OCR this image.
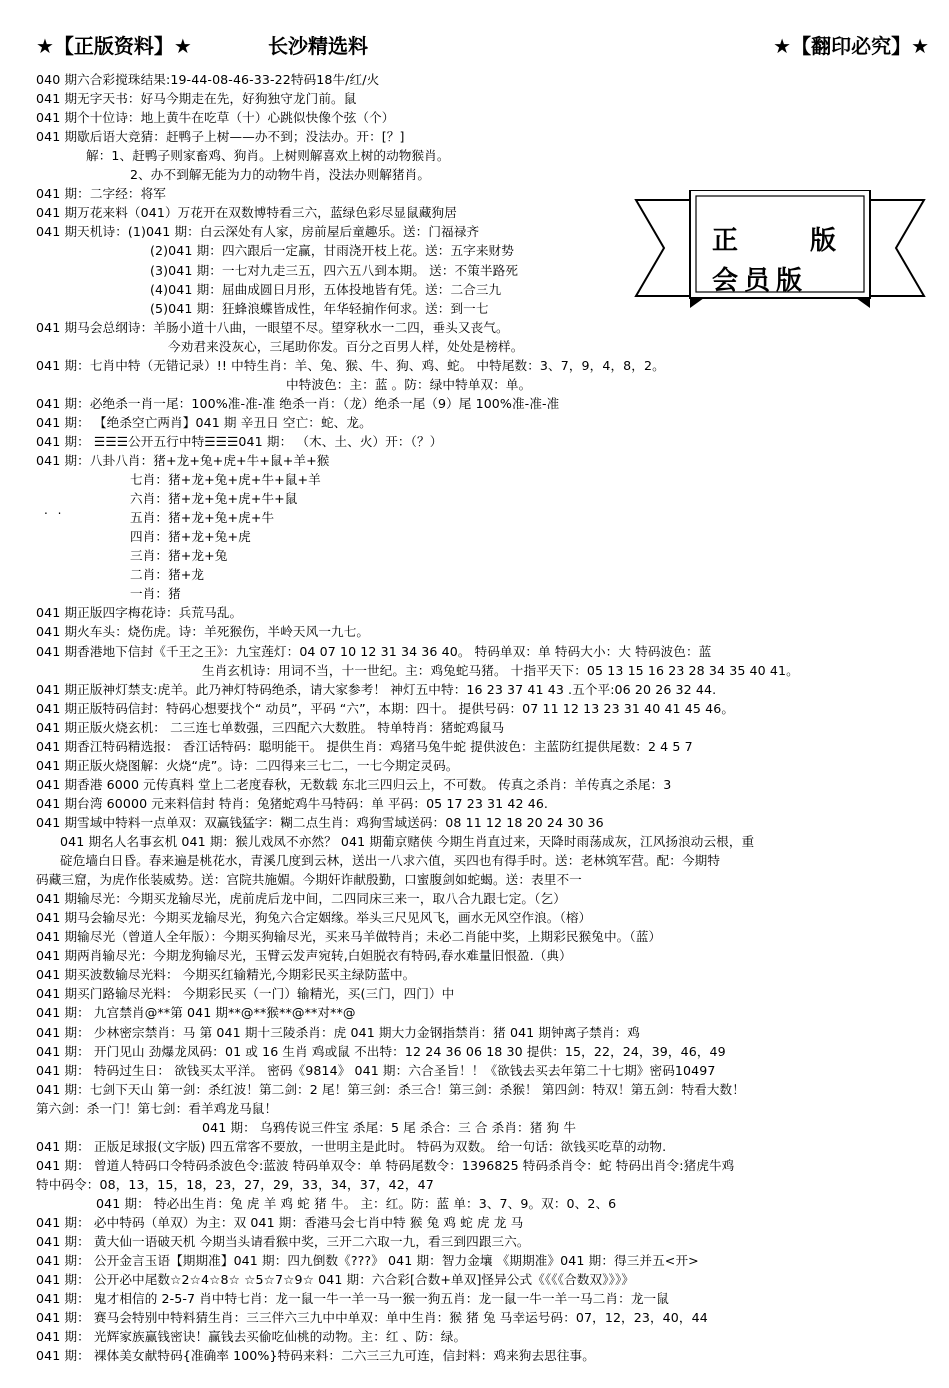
★【正版资料】★	长沙精选料	★【翻印必究】★
040 期六合彩搅珠结果:19-44-08-46-33-22特码18牛/红/火
041 期无字天书：好马今期走在先，好狗独守龙门前。鼠
041 期个十位诗：地上黄牛在吃草（十）心跳似快像个弦（个）
041 期歇后语大竞猜：赶鸭子上树——办不到；没法办。开：[？]
解：1、赶鸭子则家畜鸡、狗肖。上树则解喜欢上树的动物猴肖。
2、办不到解无能为力的动物牛肖，没法办则解猪肖。
041 期：二字经：将军
041 期万花来料（041）万花开在双数博特看三六，蓝绿色彩尽显鼠藏狗居
041 期天机诗：(1)041 期：白云深处有人家，房前屋后童趣乐。送：门福禄齐
(2)041 期：四六跟后一定赢，甘雨浇开枝上花。送：五字来财势
(3)041 期：一七对九走三五，四六五八到本期。 送：不策半路死
(4)041 期：屈曲成圆日月形，五体投地皆有凭。送：二合三九
(5)041 期：狂蜂浪蝶皆成性，年华轻掮作何求。送：到一七
041 期马会总纲诗：羊肠小道十八曲，一眼望不尽。望穿秋水一二四，垂头又丧气。
今劝君来没灰心，三尾助你发。百分之百男人样，处处是榜样。
041 期：七肖中特（无错记录）!! 中特生肖：羊、兔、猴、牛、狗、鸡、蛇。 中特尾数：3、7，9，4，8，2。
中特波色：主：蓝 。防：绿中特单双：单。
041 期：必绝杀一肖一尾：100%准-准-准 绝杀一肖：（龙）绝杀一尾（9）尾 100%准-准-准
041 期： 【绝杀空亡两肖】041 期 辛丑日 空亡：蛇、龙。
041 期： ☰☰☰公开五行中特☰☰☰041 期： （木、土、火）开：（？）
041 期：八卦八肖：猪+龙+兔+虎+牛+鼠+羊+猴
七肖：猪+龙+兔+虎+牛+鼠+羊
六肖：猪+龙+兔+虎+牛+鼠
五肖：猪+龙+兔+虎+牛
四肖：猪+龙+兔+虎
三肖：猪+龙+兔
二肖：猪+龙
一肖：猪
041 期正版四字梅花诗：兵荒马乱。
041 期火车头：烧伤虎。诗：羊死猴伤，半岭天风一九七。
041 期香港地下信封《千王之王》：九宝莲灯：04 07 10 12 31 34 36 40。 特码单双：单 特码大小：大 特码波色：蓝
生肖玄机诗：用词不当，十一世纪。主：鸡兔蛇马猪。 十指平天下：05 13 15 16 23 28 34 35 40 41。
041 期正版神灯禁支:虎羊。此乃神灯特码绝杀，请大家参考！ 神灯五中特：16 23 37 41 43 .五个平:06 20 26 32 44.
041 期正版特码信封：特码心想要找个“ 动员”，平码 “六”，本期：四十。 提供号码：07 11 12 13 23 31 40 41 45 46。
041 期正版火烧玄机： 二三连七单数强，三四配六大数胜。 特单特肖：猪蛇鸡鼠马
041 期香江特码精选报： 香江话特码：聪明能干。 提供生肖：鸡猪马兔牛蛇 提供波色：主蓝防红提供尾数：2 4 5 7
041 期正版火烧图解：火烧“虎”。诗：二四得来三七二，一七今期定灵码。
041 期香港 6000 元传真料 堂上二老度春秋，无数载 东北三四归云上，不可数。 传真之杀肖：羊传真之杀尾：3
041 期台湾 60000 元来料信封 特肖：兔猪蛇鸡牛马特码：单 平码：05 17 23 31 42 46.
041 期雪域中特料一点单双：双赢钱猛字：糊二点生肖：鸡狗雪域送码：08 11 12 18 20 24 30 36
041 期名人名事玄机 041 期：猴儿戏凤不亦然？ 041 期葡京赌侠 今期生肖直过来，天降时雨荡成灰，江风扬浪动云根，重
碇危墙白日昏。春来遍是桃花水，青溪几度到云林，送出一八求六值，买四也有得手时。送：老林筑军营。配：今期特
码藏三窟，为虎作伥装威势。送：宫院共施媚。今期奸诈献殷勤，口蜜腹剑如蛇蝎。送：表里不一
041 期输尽光：今期买龙输尽光，虎前虎后龙中间，二四同床三来一，取八合九跟七定。（乞）
041 期马会输尽光：今期买龙输尽光，狗兔六合定姻缘。举头三尺见风飞，画水无风空作浪。（榕）
041 期输尽光（曾道人全年版）：今期买狗输尽光，买来马羊做特肖；未必二肖能中奖，上期彩民猴兔中。（蓝）
041 期两肖输尽光：今期龙狗输尽光，玉臂云发声宛转,白妲脱衣有特码,春水难量旧恨盈.（典）
041 期买波数输尽光料： 今期买红输精光,今期彩民买主绿防蓝中。
041 期买门路输尽光料： 今期彩民买（一门）输精光，买(三门，四门）中
041 期： 九宫禁肖@**第 041 期**@**猴**@**对**@
041 期： 少林密宗禁肖：马 第 041 期十三陵杀肖：虎 041 期大力金钢指禁肖：猪 041 期钟离子禁肖：鸡
041 期： 开门见山 劲爆龙凤码：01 或 16 生肖 鸡或鼠 不出特：12 24 36 06 18 30 提供：15，22，24，39，46，49
041 期： 特码过生日： 欲钱买太平洋。 密码《9814》 041 期：六合圣旨！！《欲钱去买去年第二十七期》密码10497
041 期：七剑下天山 第一剑：杀红波！第二剑：2 尾！第三剑：杀三合！第三剑：杀猴！ 第四剑：特双！第五剑：特看大数！
第六剑：杀一门！第七剑：看羊鸡龙马鼠！
041 期： 乌鸦传说三件宝 杀尾：5 尾 杀合：三 合 杀肖：猪 狗 牛
041 期： 正版足球报(文字版) 四五常客不要放，一世明主是此时。 特码为双数。 给一句话：欲钱买吃草的动物.
041 期： 曾道人特码口令特码杀波色令:蓝波 特码单双令：单 特码尾数令：1396825 特码杀肖令：蛇 特码出肖令:猪虎牛鸡
特中码令：08，13，15，18，23，27，29，33，34，37，42，47
041 期： 特必出生肖：兔 虎 羊 鸡 蛇 猪 牛。 主：红。防：蓝 单：3、7、9。双：0、2、6
041 期： 必中特码（单双）为主：双 041 期：香港马会七肖中特 猴 兔 鸡 蛇 虎 龙 马
041 期： 黄大仙一语破天机 今期当头请看猴中奖，三开二六取一九，看三到四跟三六。
041 期： 公开金言玉语【期期准】041 期：四九倒数《???》 041 期：智力金壤 《期期准》041 期：得三并五<开>
041 期： 公开必中尾数☆2☆4☆8☆ ☆5☆7☆9☆ 041 期：六合彩[合数+单双]怪异公式《《《《合数双》》》》
041 期： 鬼才相信的 2-5-7 肖中特七肖：龙一鼠一牛一羊一马一猴一狗五肖：龙一鼠一牛一羊一马二肖：龙一鼠
041 期： 赛马会特别中特料猜生肖：三三伴六三九中中单双：单中生肖：猴 猪 兔 马幸运号码：07，12，23，40，44
041 期： 光辉家族赢钱密诀！赢钱去买偷吃仙桃的动物。主：红 、防：绿。
041 期： 裸体美女献特码{准确率 100%}特码来料：二六三三九可连，信封料：鸡来狗去思往事。
. .
正	版
会员版
